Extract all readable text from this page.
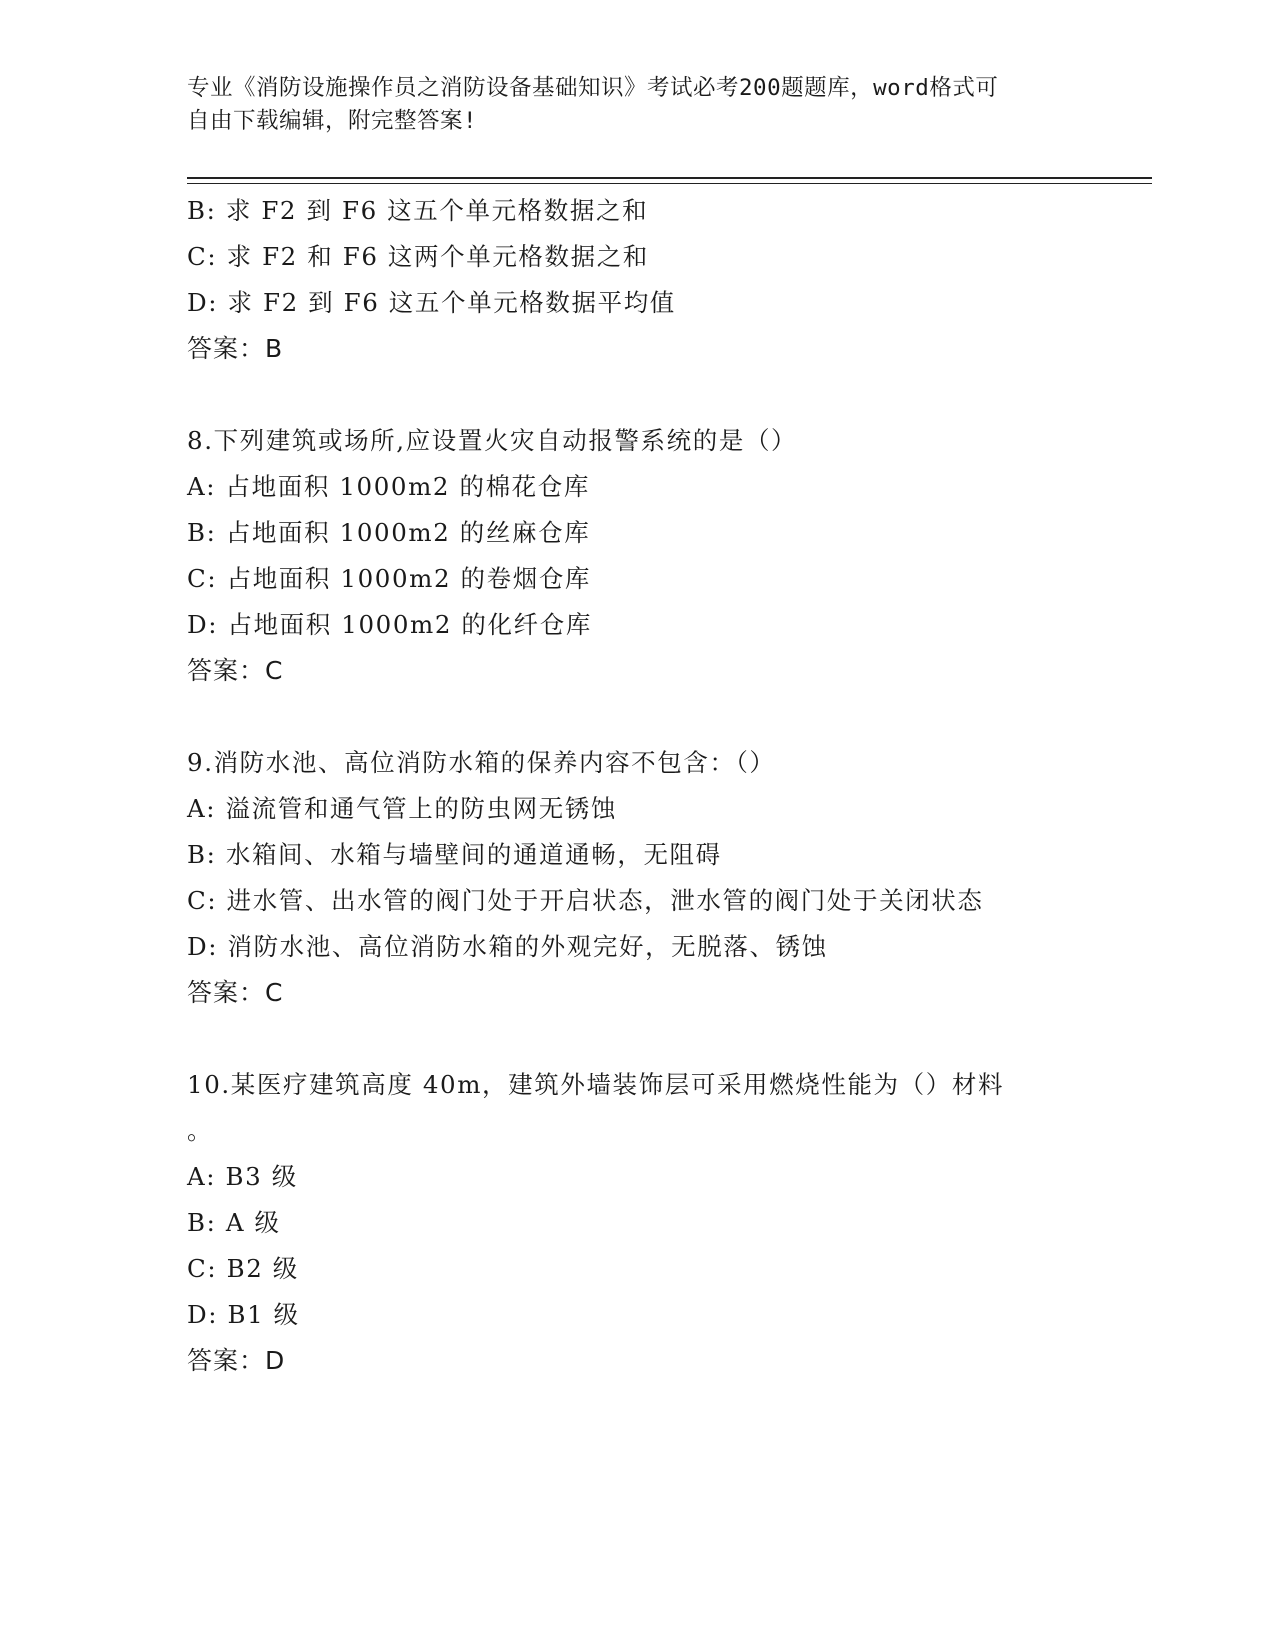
专业《消防设施操作员之消防设备基础知识》考试必考200题题库，word格式可
自由下载编辑，附完整答案!
B: 求 F2 到 F6 这五个单元格数据之和
C: 求 F2 和 F6 这两个单元格数据之和
D: 求 F2 到 F6 这五个单元格数据平均值
答案：B
8.下列建筑或场所,应设置火灾自动报警系统的是（）
A: 占地面积 1000m2 的棉花仓库
B: 占地面积 1000m2 的丝麻仓库
C: 占地面积 1000m2 的卷烟仓库
D: 占地面积 1000m2 的化纤仓库
答案：C
9.消防水池、高位消防水箱的保养内容不包含：（）
A: 溢流管和通气管上的防虫网无锈蚀
B: 水箱间、水箱与墙壁间的通道通畅，无阻碍
C: 进水管、出水管的阀门处于开启状态，泄水管的阀门处于关闭状态
D: 消防水池、高位消防水箱的外观完好，无脱落、锈蚀
答案：C
10.某医疗建筑高度 40m，建筑外墙装饰层可采用燃烧性能为（）材料
。
A: B3 级
B: A 级
C: B2 级
D: B1 级
答案：D
